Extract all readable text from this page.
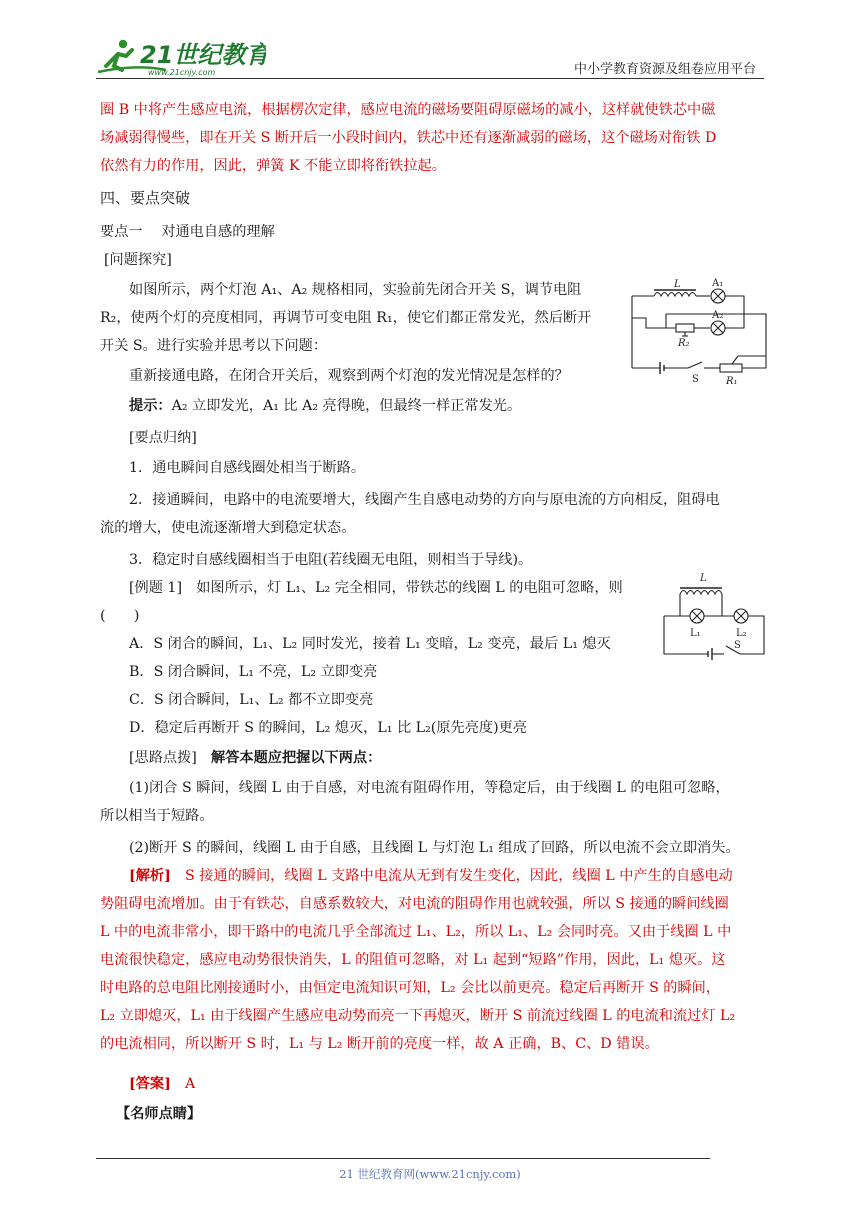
21世纪教育
www.21cnjy.com	中小学教育资源及组卷应用平台

圈 B 中将产生感应电流，根据楞次定律，感应电流的磁场要阻碍原磁场的减小，这样就使铁芯中磁

场减弱得慢些，即在开关 S 断开后一小段时间内，铁芯中还有逐渐减弱的磁场，这个磁场对衔铁 D

依然有力的作用，因此，弹簧 K 不能立即将衔铁拉起。

四、要点突破
要点一　 对通电自感的理解
[问题探究]

如图所示，两个灯泡 A₁、A₂ 规格相同，实验前先闭合开关 S，调节电阻

R₂，使两个灯的亮度相同，再调节可变电阻 R₁，使它们都正常发光，然后断开

开关 S。进行实验并思考以下问题：

重新接通电路，在闭合开关后，观察到两个灯泡的发光情况是怎样的？
提示：A₂ 立即发光，A₁ 比 A₂ 亮得晚，但最终一样正常发光。
L	A₁
A₂
R₂
S	R₁
[要点归纳]

1．通电瞬间自感线圈处相当于断路。

2．接通瞬间，电路中的电流要增大，线圈产生自感电动势的方向与原电流的方向相反，阻碍电

流的增大，使电流逐渐增大到稳定状态。

3．稳定时自感线圈相当于电阻(若线圈无电阻，则相当于导线)。

[例题 1]　 如图所示，灯 L₁、L₂ 完全相同，带铁芯的线圈 L 的电阻可忽略，则

(　　)

A．S 闭合的瞬间，L₁、L₂ 同时发光，接着 L₁ 变暗，L₂ 变亮，最后 L₁ 熄灭

B．S 闭合瞬间，L₁ 不亮，L₂ 立即变亮

C．S 闭合瞬间，L₁、L₂ 都不立即变亮

D．稳定后再断开 S 的瞬间，L₂ 熄灭，L₁ 比 L₂(原先亮度)更亮

L
L₁	L₂
S
[思路点拨]　 解答本题应把握以下两点：

(1)闭合 S 瞬间，线圈 L 由于自感，对电流有阻碍作用，等稳定后，由于线圈 L 的电阻可忽略，

所以相当于短路。

(2)断开 S 的瞬间，线圈 L 由于自感，且线圈 L 与灯泡 L₁ 组成了回路，所以电流不会立即消失。

[解析]　 S 接通的瞬间，线圈 L 支路中电流从无到有发生变化，因此，线圈 L 中产生的自感电动

势阻碍电流增加。由于有铁芯，自感系数较大，对电流的阻碍作用也就较强，所以 S 接通的瞬间线圈

L 中的电流非常小，即干路中的电流几乎全部流过 L₁、L₂，所以 L₁、L₂ 会同时亮。又由于线圈 L 中

电流很快稳定，感应电动势很快消失，L 的阻值可忽略，对 L₁ 起到“短路”作用，因此，L₁ 熄灭。这

时电路的总电阻比刚接通时小，由恒定电流知识可知，L₂ 会比以前更亮。稳定后再断开 S 的瞬间，

L₂ 立即熄灭，L₁ 由于线圈产生感应电动势而亮一下再熄灭，断开 S 前流过线圈 L 的电流和流过灯 L₂

的电流相同，所以断开 S 时，L₁ 与 L₂ 断开前的亮度一样，故 A 正确，B、C、D 错误。

[答案]　 A
【名师点睛】
21 世纪教育网(www.21cnjy.com)
